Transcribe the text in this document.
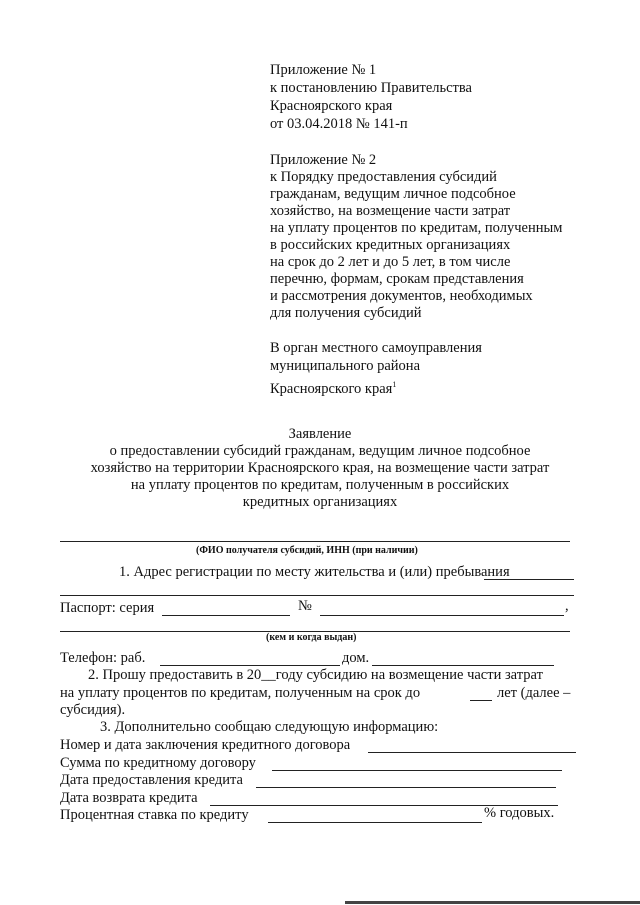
Приложение № 1
к постановлению Правительства
Красноярского края
от 03.04.2018 № 141-п
Приложение № 2
к Порядку предоставления субсидий
гражданам, ведущим личное подсобное
хозяйство, на возмещение части затрат
на уплату процентов по кредитам, полученным
в российских кредитных организациях
на срок до 2 лет и до 5 лет, в том числе
перечню, формам, срокам представления
и рассмотрения документов, необходимых
для получения субсидий
В орган местного самоуправления
муниципального района
Красноярского края$^1$
Заявление
о предоставлении субсидий гражданам, ведущим личное подсобное
хозяйство на территории Красноярского края, на возмещение части затрат
на уплату процентов по кредитам, полученным в российских
кредитных организациях
(ФИО получателя субсидий, ИНН (при наличии)
1. Адрес регистрации по месту жительства и (или) пребывания
Паспорт: серия	№	,
(кем и когда выдан)
Телефон: раб.	дом.
2. Прошу предоставить в 20__году субсидию на возмещение части затрат
на уплату процентов по кредитам, полученным на срок до	лет (далее –
субсидия).
3. Дополнительно сообщаю следующую информацию:
Номер и дата заключения кредитного договора
Сумма по кредитному договору
Дата предоставления кредита
Дата возврата кредита
Процентная ставка по кредиту	% годовых.
